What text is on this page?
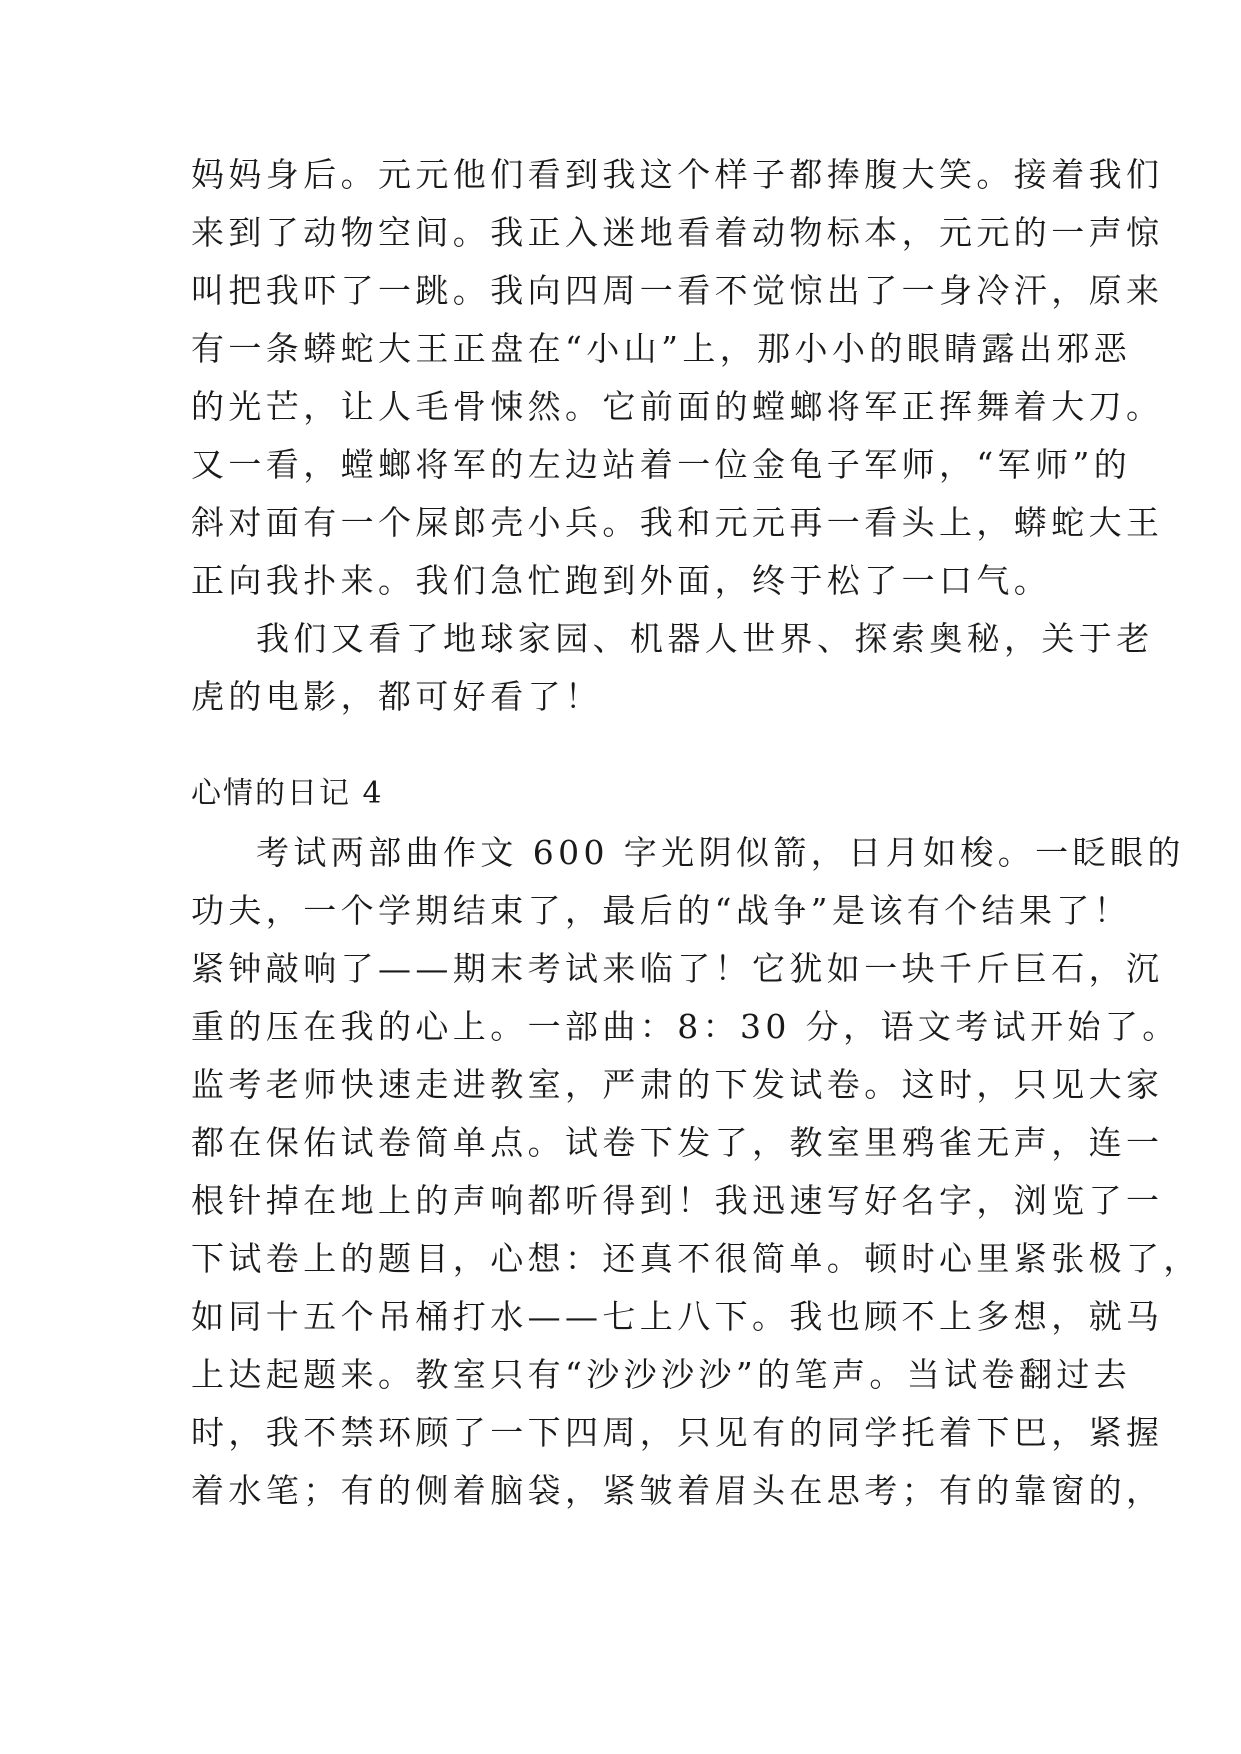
妈妈身后。元元他们看到我这个样子都捧腹大笑。接着我们
来到了动物空间。我正入迷地看着动物标本，元元的一声惊
叫把我吓了一跳。我向四周一看不觉惊出了一身冷汗，原来
有一条蟒蛇大王正盘在“小山”上，那小小的眼睛露出邪恶
的光芒，让人毛骨悚然。它前面的螳螂将军正挥舞着大刀。
又一看，螳螂将军的左边站着一位金龟子军师，“军师”的
斜对面有一个屎郎壳小兵。我和元元再一看头上，蟒蛇大王
正向我扑来。我们急忙跑到外面，终于松了一口气。
我们又看了地球家园、机器人世界、探索奥秘，关于老
虎的电影，都可好看了！
心情的日记 4
考试两部曲作文 600 字光阴似箭，日月如梭。一眨眼的
功夫，一个学期结束了，最后的“战争”是该有个结果了！
紧钟敲响了——期末考试来临了！它犹如一块千斤巨石，沉
重的压在我的心上。一部曲：8：30 分，语文考试开始了。
监考老师快速走进教室，严肃的下发试卷。这时，只见大家
都在保佑试卷简单点。试卷下发了，教室里鸦雀无声，连一
根针掉在地上的声响都听得到！我迅速写好名字，浏览了一
下试卷上的题目，心想：还真不很简单。顿时心里紧张极了，
如同十五个吊桶打水——七上八下。我也顾不上多想，就马
上达起题来。教室只有“沙沙沙沙”的笔声。当试卷翻过去
时，我不禁环顾了一下四周，只见有的同学托着下巴，紧握
着水笔；有的侧着脑袋，紧皱着眉头在思考；有的靠窗的，
